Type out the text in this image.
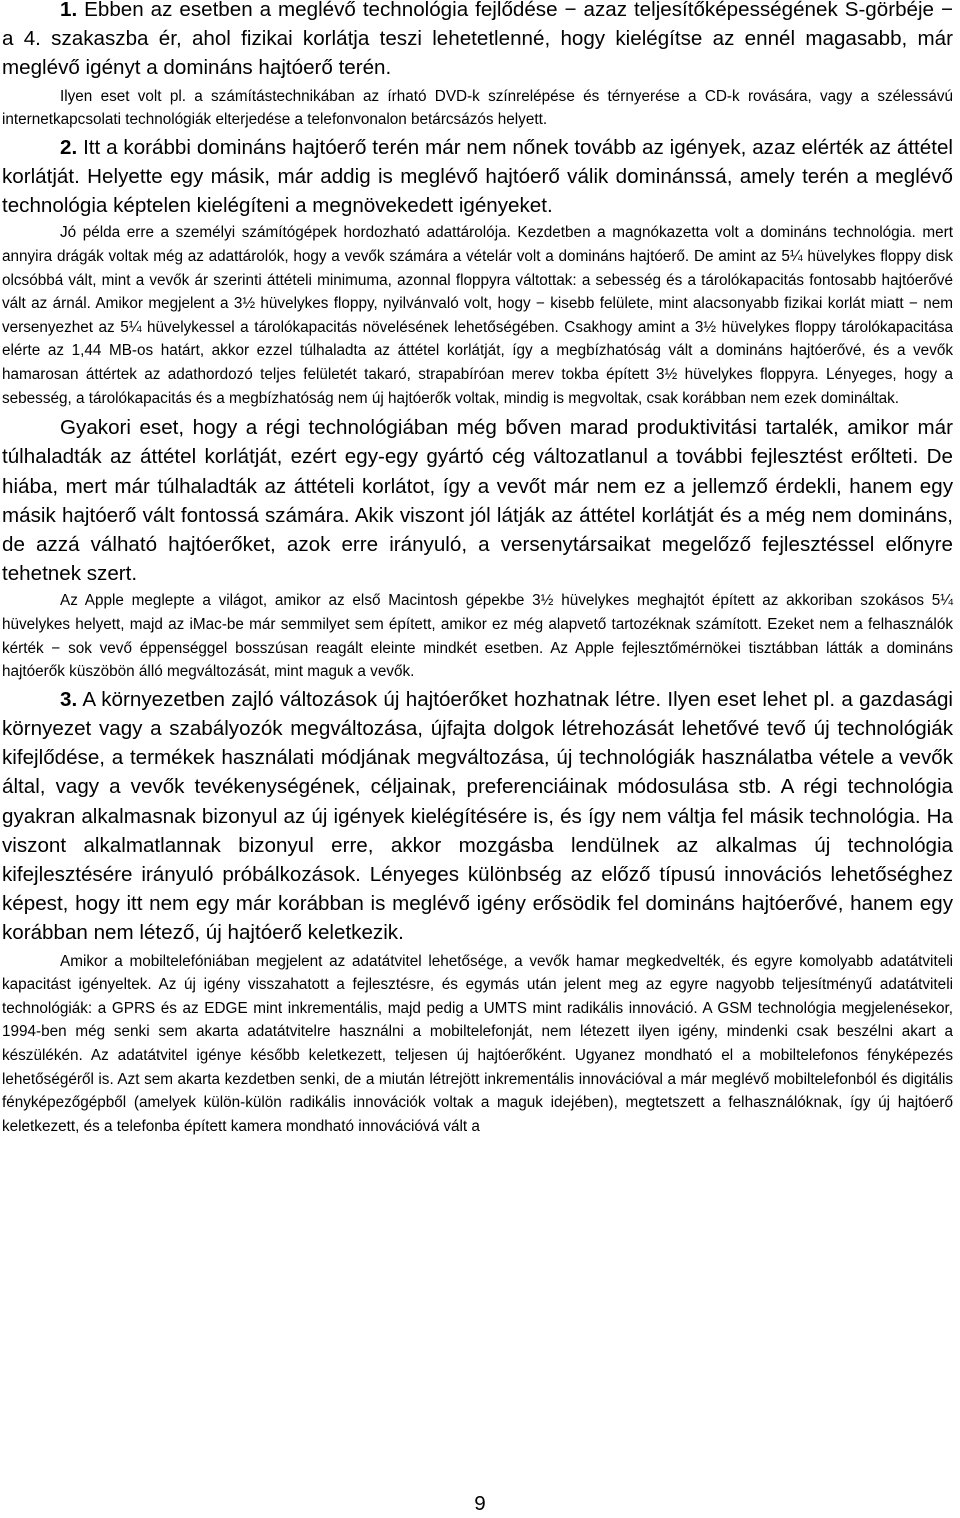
1. Ebben az esetben a meglévő technológia fejlődése − azaz teljesítőképességének S-görbéje − a 4. szakaszba ér, ahol fizikai korlátja teszi lehetetlenné, hogy kielégítse az ennél magasabb, már meglévő igényt a domináns hajtóerő terén.

Ilyen eset volt pl. a számítástechnikában az írható DVD-k színrelépése és térnyerése a CD-k rovására, vagy a szélessávú internetkapcsolati technológiák elterjedése a telefonvonalon betárcsázós helyett.

2. Itt a korábbi domináns hajtóerő terén már nem nőnek tovább az igények, azaz elérték az áttétel korlátját. Helyette egy másik, már addig is meglévő hajtóerő válik dominánssá, amely terén a meglévő technológia képtelen kielégíteni a megnövekedett igényeket.

Jó példa erre a személyi számítógépek hordozható adattárolója. Kezdetben a magnókazetta volt a domináns technológia. mert annyira drágák voltak még az adattárolók, hogy a vevők számára a vételár volt a domináns hajtóerő. De amint az 5¼ hüvelykes floppy disk olcsóbbá vált, mint a vevők ár szerinti áttételi minimuma, azonnal floppyra váltottak: a sebesség és a tárolókapacitás fontosabb hajtóerővé vált az árnál. Amikor megjelent a 3½ hüvelykes floppy, nyilvánvaló volt, hogy − kisebb felülete, mint alacsonyabb fizikai korlát miatt − nem versenyezhet az 5¼ hüvelykessel a tárolókapacitás növelésének lehetőségében. Csakhogy amint a 3½ hüvelykes floppy tárolókapacitása elérte az 1,44 MB-os határt, akkor ezzel túlhaladta az áttétel korlátját, így a megbízhatóság vált a domináns hajtóerővé, és a vevők hamarosan áttértek az adathordozó teljes felületét takaró, strapabíróan merev tokba épített 3½ hüvelykes floppyra. Lényeges, hogy a sebesség, a tárolókapacitás és a megbízhatóság nem új hajtóerők voltak, mindig is megvoltak, csak korábban nem ezek domináltak.

Gyakori eset, hogy a régi technológiában még bőven marad produktivitási tartalék, amikor már túlhaladták az áttétel korlátját, ezért egy-egy gyártó cég változatlanul a további fejlesztést erőlteti. De hiába, mert már túlhaladták az áttételi korlátot, így a vevőt már nem ez a jellemző érdekli, hanem egy másik hajtóerő vált fontossá számára. Akik viszont jól látják az áttétel korlátját és a még nem domináns, de azzá válható hajtóerőket, azok erre irányuló, a versenytársaikat megelőző fejlesztéssel előnyre tehetnek szert.

Az Apple meglepte a világot, amikor az első Macintosh gépekbe 3½ hüvelykes meghajtót épített az akkoriban szokásos 5¼ hüvelykes helyett, majd az iMac-be már semmilyet sem épített, amikor ez még alapvető tartozéknak számított. Ezeket nem a felhasználók kérték − sok vevő éppenséggel bosszúsan reagált eleinte mindkét esetben. Az Apple fejlesztőmérnökei tisztábban látták a domináns hajtóerők küszöbön álló megváltozását, mint maguk a vevők.

3. A környezetben zajló változások új hajtóerőket hozhatnak létre. Ilyen eset lehet pl. a gazdasági környezet vagy a szabályozók megváltozása, újfajta dolgok létrehozását lehetővé tevő új technológiák kifejlődése, a termékek használati módjának megváltozása, új technológiák használatba vétele a vevők által, vagy a vevők tevékenységének, céljainak, preferenciáinak módosulása stb. A régi technológia gyakran alkalmasnak bizonyul az új igények kielégítésére is, és így nem váltja fel másik technológia. Ha viszont alkalmatlannak bizonyul erre, akkor mozgásba lendülnek az alkalmas új technológia kifejlesztésére irányuló próbálkozások. Lényeges különbség az előző típusú innovációs lehetőséghez képest, hogy itt nem egy már korábban is meglévő igény erősödik fel domináns hajtóerővé, hanem egy korábban nem létező, új hajtóerő keletkezik.

Amikor a mobiltelefóniában megjelent az adatátvitel lehetősége, a vevők hamar megkedvelték, és egyre komolyabb adatátviteli kapacitást igényeltek. Az új igény visszahatott a fejlesztésre, és egymás után jelent meg az egyre nagyobb teljesítményű adatátviteli technológiák: a GPRS és az EDGE mint inkrementális, majd pedig a UMTS mint radikális innováció. A GSM technológia megjelenésekor, 1994-ben még senki sem akarta adatátvitelre használni a mobiltelefonját, nem létezett ilyen igény, mindenki csak beszélni akart a készülékén. Az adatátvitel igénye később keletkezett, teljesen új hajtóerőként. Ugyanez mondható el a mobiltelefonos fényképezés lehetőségéről is. Azt sem akarta kezdetben senki, de a miután létrejött inkrementális innovációval a már meglévő mobiltelefonból és digitális fényképezőgépből (amelyek külön-külön radikális innovációk voltak a maguk idejében), megtetszett a felhasználóknak, így új hajtóerő keletkezett, és a telefonba épített kamera mondható innovációvá vált a

9
